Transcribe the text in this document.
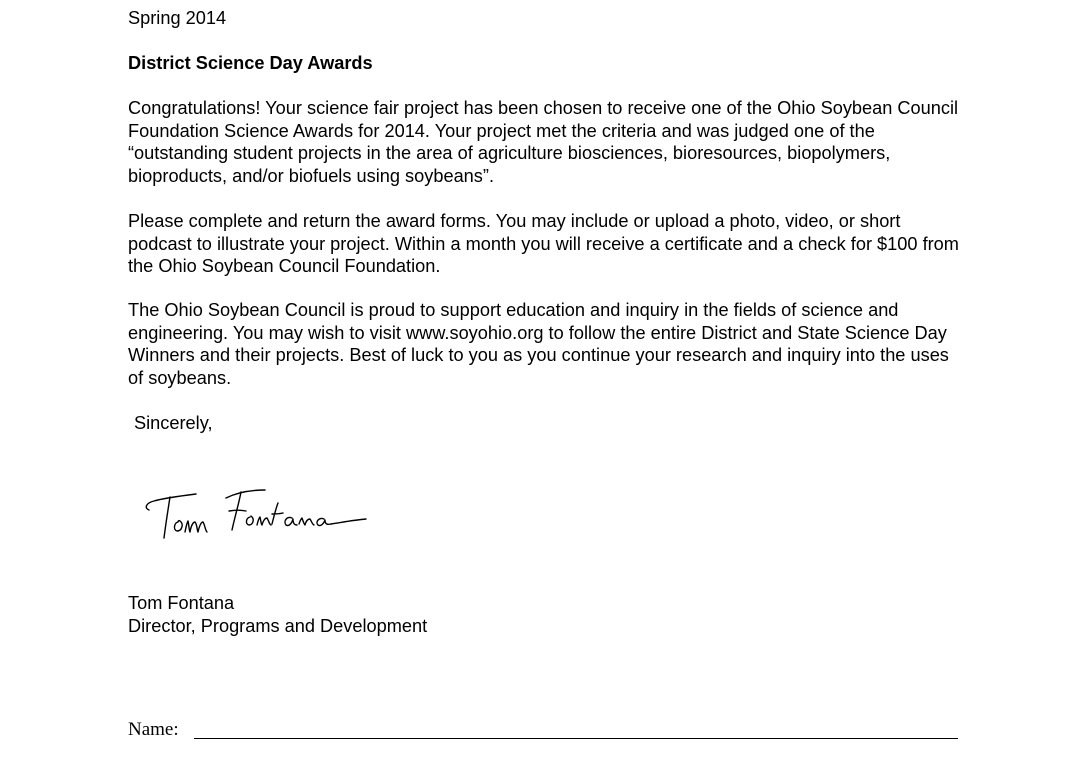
Spring 2014
District Science Day Awards
Congratulations! Your science fair project has been chosen to receive one of the Ohio Soybean Council Foundation Science Awards for 2014. Your project met the criteria and was judged one of the “outstanding student projects in the area of agriculture biosciences, bioresources, biopolymers, bioproducts, and/or biofuels using soybeans”.
Please complete and return the award forms. You may include or upload a photo, video, or short podcast to illustrate your project. Within a month you will receive a certificate and a check for $100 from the Ohio Soybean Council Foundation.
The Ohio Soybean Council is proud to support education and inquiry in the fields of science and engineering. You may wish to visit www.soyohio.org to follow the entire District and State Science Day Winners and their projects. Best of luck to you as you continue your research and inquiry into the uses of soybeans.
Sincerely,
Tom Fontana
Director, Programs and Development
Name:
